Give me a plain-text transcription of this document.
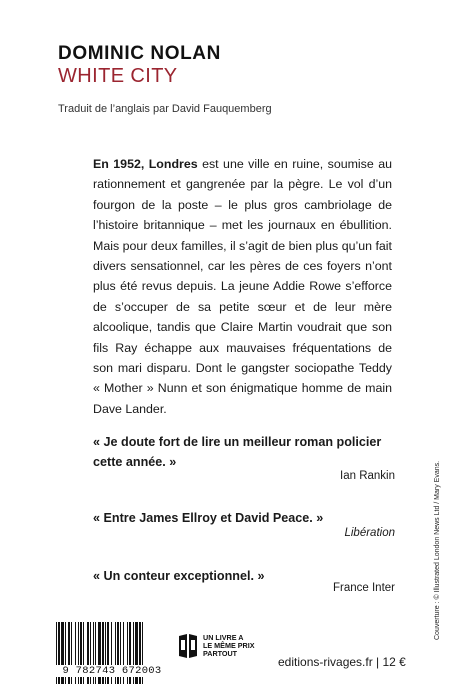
DOMINIC NOLAN
WHITE CITY
Traduit de l’anglais par David Fauquemberg

En 1952, Londres est une ville en ruine, soumise au rationnement et gangrenée par la pègre. Le vol d’un fourgon de la poste – le plus gros cambriolage de l’histoire britannique – met les journaux en ébullition. Mais pour deux familles, il s’agit de bien plus qu’un fait divers sensationnel, car les pères de ces foyers n’ont plus été revus depuis. La jeune Addie Rowe s’efforce de s’occuper de sa petite sœur et de leur mère alcoolique, tandis que Claire Martin voudrait que son fils Ray échappe aux mauvaises fréquentations de son mari disparu. Dont le gangster sociopathe Teddy « Mother » Nunn et son énigmatique homme de main Dave Lander.

« Je doute fort de lire un meilleur roman policier cette année. »
Ian Rankin
« Entre James Ellroy et David Peace. »
Libération
« Un conteur exceptionnel. »
France Inter	Couverture : © Illustrated London News Ltd / Mary Evans.
9 782743 672003
UN LIVRE A
LE MÊME PRIX
PARTOUT
editions-rivages.fr | 12 €
